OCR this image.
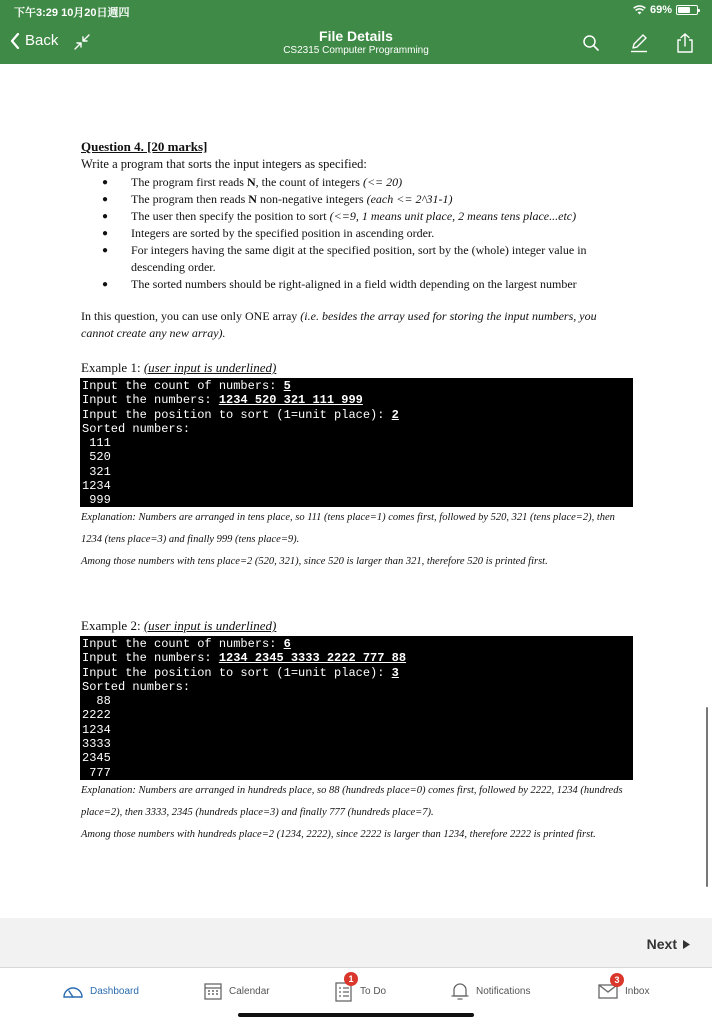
下午3:29 10月20日週四	69%
Back	File Details
CS2315 Computer Programming
Question 4. [20 marks]
Write a program that sorts the input integers as specified:
● The program first reads N, the count of integers (<= 20)
● The program then reads N non-negative integers (each <= 2^31-1)
● The user then specify the position to sort (<=9, 1 means unit place, 2 means tens place...etc)
● Integers are sorted by the specified position in ascending order.
● For integers having the same digit at the specified position, sort by the (whole) integer value in descending order.
● The sorted numbers should be right-aligned in a field width depending on the largest number
In this question, you can use only ONE array (i.e. besides the array used for storing the input numbers, you cannot create any new array).
Example 1: (user input is underlined)
Input the count of numbers: 5
Input the numbers: 1234 520 321 111 999
Input the position to sort (1=unit place): 2
Sorted numbers:
111
520
321
1234
999
Explanation: Numbers are arranged in tens place, so 111 (tens place=1) comes first, followed by 520, 321 (tens place=2), then 1234 (tens place=3) and finally 999 (tens place=9).
Among those numbers with tens place=2 (520, 321), since 520 is larger than 321, therefore 520 is printed first.
Example 2: (user input is underlined)
Input the count of numbers: 6
Input the numbers: 1234 2345 3333 2222 777 88
Input the position to sort (1=unit place): 3
Sorted numbers:
88
2222
1234
3333
2345
777
Explanation: Numbers are arranged in hundreds place, so 88 (hundreds place=0) comes first, followed by 2222, 1234 (hundreds place=2), then 3333, 2345 (hundreds place=3) and finally 777 (hundreds place=7).
Among those numbers with hundreds place=2 (1234, 2222), since 2222 is larger than 1234, therefore 2222 is printed first.
Next
Dashboard	Calendar	To Do
1
Notifications	Inbox
3
